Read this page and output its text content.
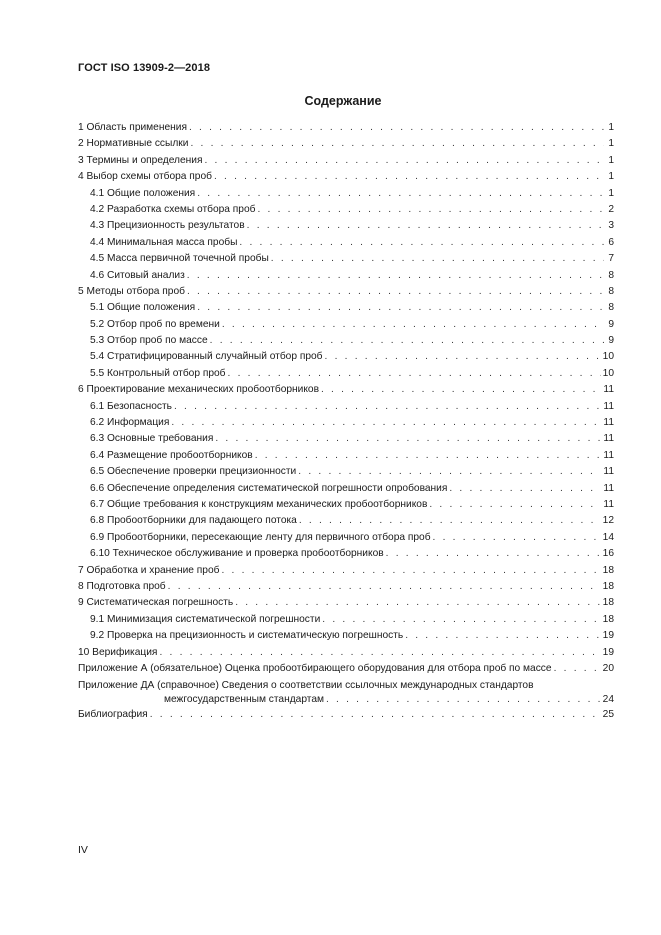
ГОСТ ISO 13909-2—2018
Содержание
1 Область применения . . .	1
2 Нормативные ссылки . . .	1
3 Термины и определения . . .	1
4 Выбор схемы отбора проб . . .	1
4.1 Общие положения . . .	1
4.2 Разработка схемы отбора проб . . .	2
4.3 Прецизионность результатов . . .	3
4.4 Минимальная масса пробы . . .	6
4.5 Масса первичной точечной пробы . . .	7
4.6 Ситовый анализ . . .	8
5 Методы отбора проб . . .	8
5.1 Общие положения . . .	8
5.2 Отбор проб по времени . . .	9
5.3 Отбор проб по массе . . .	9
5.4 Стратифицированный случайный отбор проб . . .	10
5.5 Контрольный отбор проб . . .	10
6 Проектирование механических пробоотборников . . .	11
6.1 Безопасность . . .	11
6.2 Информация . . .	11
6.3 Основные требования . . .	11
6.4 Размещение пробоотборников . . .	11
6.5 Обеспечение проверки прецизионности . . .	11
6.6 Обеспечение определения систематической погрешности опробования . . .	11
6.7 Общие требования к конструкциям механических пробоотборников . . .	11
6.8 Пробоотборники для падающего потока . . .	12
6.9 Пробоотборники, пересекающие ленту для первичного отбора проб . . .	14
6.10 Техническое обслуживание и проверка пробоотборников . . .	16
7 Обработка и хранение проб . . .	18
8 Подготовка проб . . .	18
9 Систематическая погрешность . . .	18
9.1 Минимизация систематической погрешности . . .	18
9.2 Проверка на прецизионность и систематическую погрешность . . .	19
10 Верификация . . .	19
Приложение А (обязательное) Оценка пробоотбирающего оборудования для отбора проб по массе . . .	20
Приложение ДА (справочное) Сведения о соответствии ссылочных международных стандартов
межгосударственным стандартам . . .	24
Библиография . . .	25
IV
